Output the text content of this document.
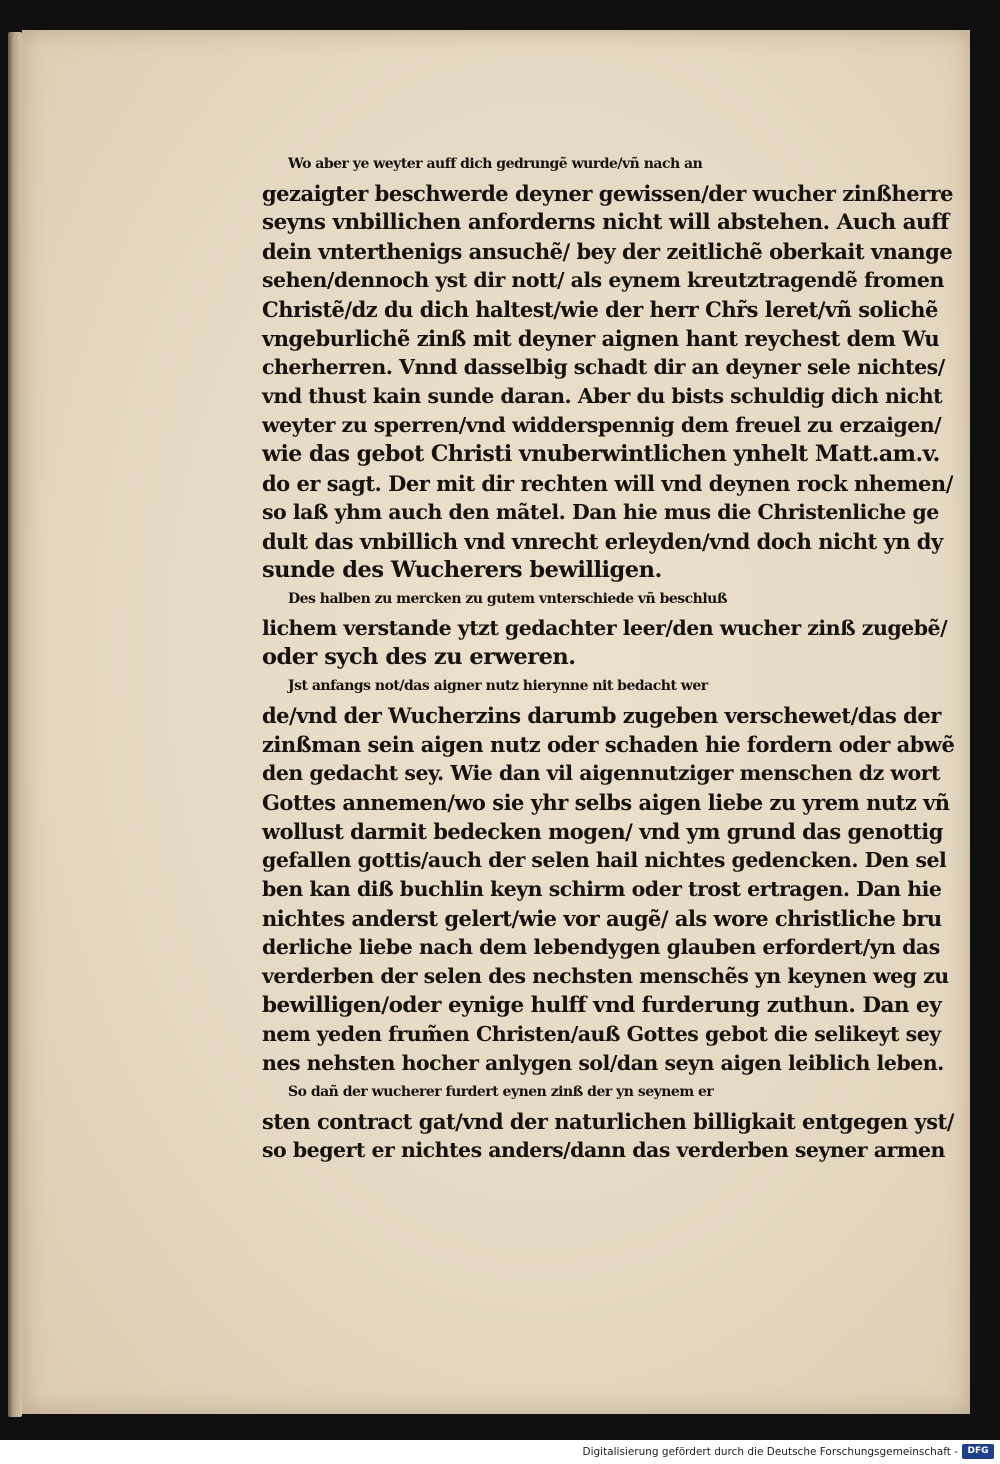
Wo aber ye weyter auff dich gedrungẽ wurde/vñ nach an
gezaigter beschwerde deyner gewissen/der wucher zinßherre
seyns vnbillichen anforderns nicht will abstehen. Auch auff
dein vnterthenigs ansuchẽ/ bey der zeitlichẽ oberkait vnange
sehen/dennoch yst dir nott/ als eynem kreutztragendẽ fromen
Christẽ/dz du dich haltest/wie der herr Chr̃s leret/vñ solichẽ
vngeburlichẽ zinß mit deyner aignen hant reychest dem Wu
cherherren. Vnnd dasselbig schadt dir an deyner sele nichtes/
vnd thust kain sunde daran. Aber du bists schuldig dich nicht
weyter zu sperren/vnd widderspennig dem freuel zu erzaigen/
wie das gebot Christi vnuberwintlichen ynhelt Matt.am.v.
do er sagt. Der mit dir rechten will vnd deynen rock nhemen/
so laß yhm auch den mãtel. Dan hie mus die Christenliche ge
dult das vnbillich vnd vnrecht erleyden/vnd doch nicht yn dy
sunde des Wucherers bewilligen.
Des halben zu mercken zu gutem vnterschiede vñ beschluß
lichem verstande ytzt gedachter leer/den wucher zinß zugebẽ/
oder sych des zu erweren.
Jst anfangs not/das aigner nutz hierynne nit bedacht wer
de/vnd der Wucherzins darumb zugeben verschewet/das der
zinßman sein aigen nutz oder schaden hie fordern oder abwẽ
den gedacht sey. Wie dan vil aigennutziger menschen dz wort
Gottes annemen/wo sie yhr selbs aigen liebe zu yrem nutz vñ
wollust darmit bedecken mogen/ vnd ym grund das genottig
gefallen gottis/auch der selen hail nichtes gedencken. Den sel
ben kan diß buchlin keyn schirm oder trost ertragen. Dan hie
nichtes anderst gelert/wie vor augẽ/ als wore christliche bru
derliche liebe nach dem lebendygen glauben erfordert/yn das
verderben der selen des nechsten menschẽs yn keynen weg zu
bewilligen/oder eynige hulff vnd furderung zuthun. Dan ey
nem yeden frum̃en Christen/auß Gottes gebot die selikeyt sey
nes nehsten hocher anlygen sol/dan seyn aigen leiblich leben.
So dañ der wucherer furdert eynen zinß der yn seynem er
sten contract gat/vnd der naturlichen billigkait entgegen yst/
so begert er nichtes anders/dann das verderben seyner armen
Digitalisierung gefördert durch die Deutsche Forschungsgemeinschaft -	DFG
